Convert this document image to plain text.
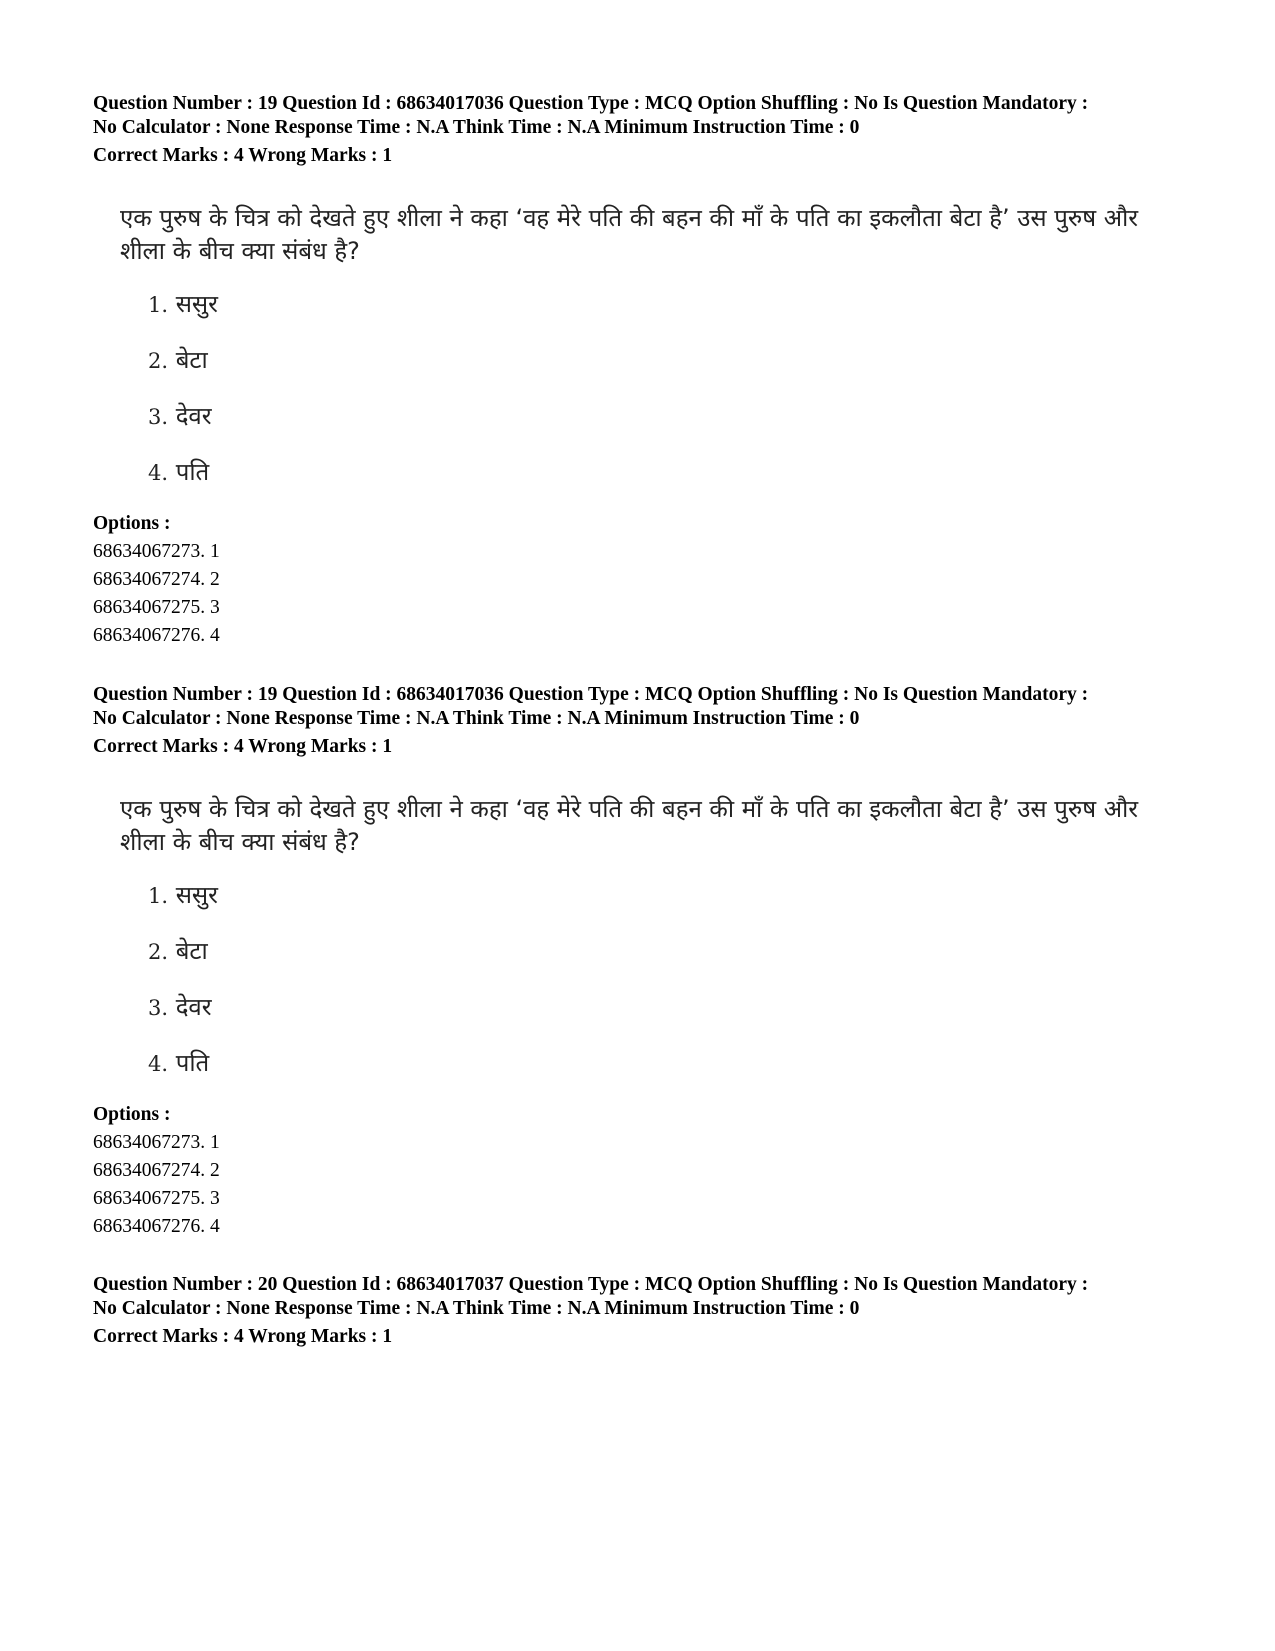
Question Number : 19 Question Id : 68634017036 Question Type : MCQ Option Shuffling : No Is Question Mandatory :
No Calculator : None Response Time : N.A Think Time : N.A Minimum Instruction Time : 0
Correct Marks : 4 Wrong Marks : 1
एक पुरुष के चित्र को देखते हुए शीला ने कहा ‘वह मेरे पति की बहन की माँ के पति का इकलौता बेटा है’ उस पुरुष और
शीला के बीच क्या संबंध है?
1. ससुर
2. बेटा
3. देवर
4. पति
Options :
68634067273. 1
68634067274. 2
68634067275. 3
68634067276. 4
Question Number : 19 Question Id : 68634017036 Question Type : MCQ Option Shuffling : No Is Question Mandatory :
No Calculator : None Response Time : N.A Think Time : N.A Minimum Instruction Time : 0
Correct Marks : 4 Wrong Marks : 1
एक पुरुष के चित्र को देखते हुए शीला ने कहा ‘वह मेरे पति की बहन की माँ के पति का इकलौता बेटा है’ उस पुरुष और
शीला के बीच क्या संबंध है?
1. ससुर
2. बेटा
3. देवर
4. पति
Options :
68634067273. 1
68634067274. 2
68634067275. 3
68634067276. 4
Question Number : 20 Question Id : 68634017037 Question Type : MCQ Option Shuffling : No Is Question Mandatory :
No Calculator : None Response Time : N.A Think Time : N.A Minimum Instruction Time : 0
Correct Marks : 4 Wrong Marks : 1
